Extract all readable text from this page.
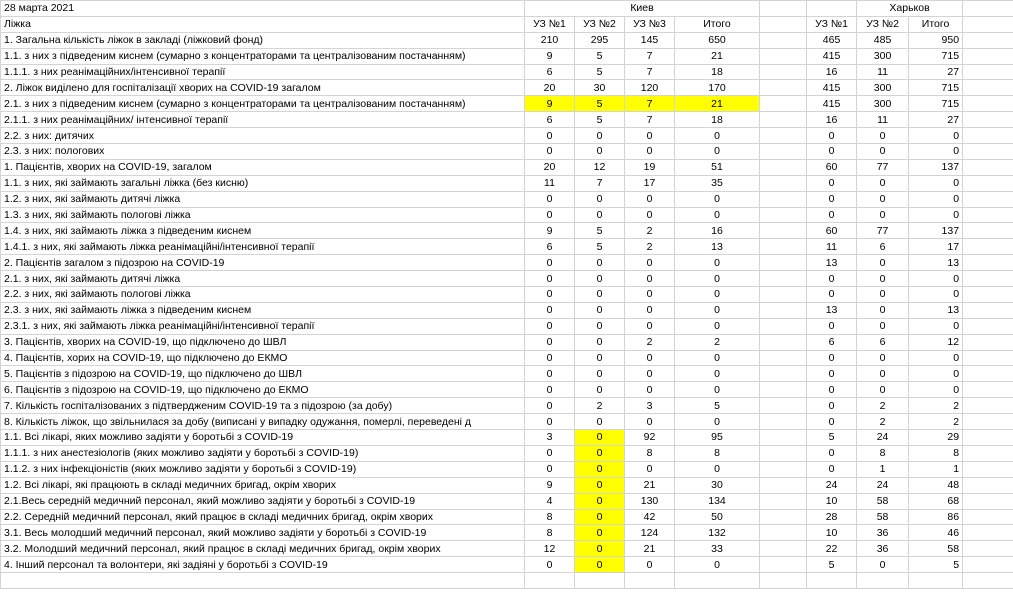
28 марта 2021	Киев						Харьков		
Ліжка	УЗ №1	УЗ №2	УЗ №3	Итого		УЗ №1	УЗ №2	Итого	
1. Загальна кількість ліжок в закладі (ліжковий фонд)	210	295	145	650		465	485	950	
1.1. з них з підведеним киснем (сумарно з концентраторами та централізованим постачанням)	9	5	7	21		415	300	715	
1.1.1. з них реанімаційних/інтенсивної терапії	6	5	7	18		16	11	27	
2. Ліжок виділено для госпіталізації хворих на COVID-19 загалом	20	30	120	170		415	300	715	
2.1. з них з підведеним киснем (сумарно з концентраторами та централізованим постачанням)	9	5	7	21		415	300	715	
2.1.1. з них реанімаційних/ інтенсивної терапії	6	5	7	18		16	11	27	
2.2. з них: дитячих	0	0	0	0		0	0	0	
2.3. з них: пологових	0	0	0	0		0	0	0	
1. Пацієнтів, хворих на COVID-19, загалом	20	12	19	51		60	77	137	
1.1. з них, які займають загальні ліжка (без кисню)	11	7	17	35		0	0	0	
1.2. з них, які займають дитячі ліжка	0	0	0	0		0	0	0	
1.3. з них, які займають пологові ліжка	0	0	0	0		0	0	0	
1.4. з них, які займають ліжка з підведеним киснем	9	5	2	16		60	77	137	
1.4.1. з них, які займають ліжка реанімаційні/інтенсивної терапії	6	5	2	13		11	6	17	
2. Пацієнтів загалом з підозрою на COVID-19	0	0	0	0		13	0	13	
2.1. з них, які займають дитячі ліжка	0	0	0	0		0	0	0	
2.2. з них, які займають пологові ліжка	0	0	0	0		0	0	0	
2.3. з них, які займають ліжка з підведеним киснем	0	0	0	0		13	0	13	
2.3.1. з них, які займають ліжка реанімаційні/інтенсивної терапії	0	0	0	0		0	0	0	
3. Пацієнтів, хворих на COVID-19, що підключено до ШВЛ	0	0	2	2		6	6	12	
4. Пацієнтів, хорих на COVID-19, що підключено до ЕКМО	0	0	0	0		0	0	0	
5. Пацієнтів з підозрою на COVID-19, що підключено до ШВЛ	0	0	0	0		0	0	0	
6. Пацієнтів з підозрою на COVID-19, що підключено до ЕКМО	0	0	0	0		0	0	0	
7. Кількість госпіталізованих з підтвердженим COVID-19 та з підозрою (за добу)	0	2	3	5		0	2	2	
8. Кількість ліжок, що звільнилася за добу (виписані у випадку одужання, померлі, переведені д	0	0	0	0		0	2	2	
1.1. Всі лікарі, яких можливо задіяти у боротьбі з COVID-19	3	0	92	95		5	24	29	
1.1.1. з них анестезіологів (яких можливо задіяти у боротьбі з COVID-19)	0	0	8	8		0	8	8	
1.1.2. з них інфекціоністів (яких можливо задіяти у боротьбі з COVID-19)	0	0	0	0		0	1	1	
1.2. Всі лікарі, які працюють в складі медичних бригад, окрім хворих	9	0	21	30		24	24	48	
2.1.Весь середній медичний персонал, який можливо задіяти у боротьбі з COVID-19	4	0	130	134		10	58	68	
2.2. Середній медичний персонал, який працює в складі медичних бригад, окрім хворих	8	0	42	50		28	58	86	
3.1. Весь молодший медичний персонал, який можливо задіяти у боротьбі з COVID-19	8	0	124	132		10	36	46	
3.2. Молодший медичний персонал, який працює в складі медичних бригад, окрім хворих	12	0	21	33		22	36	58	
4. Інший персонал та волонтери, які задіяні у боротьбі з COVID-19	0	0	0	0		5	0	5	
